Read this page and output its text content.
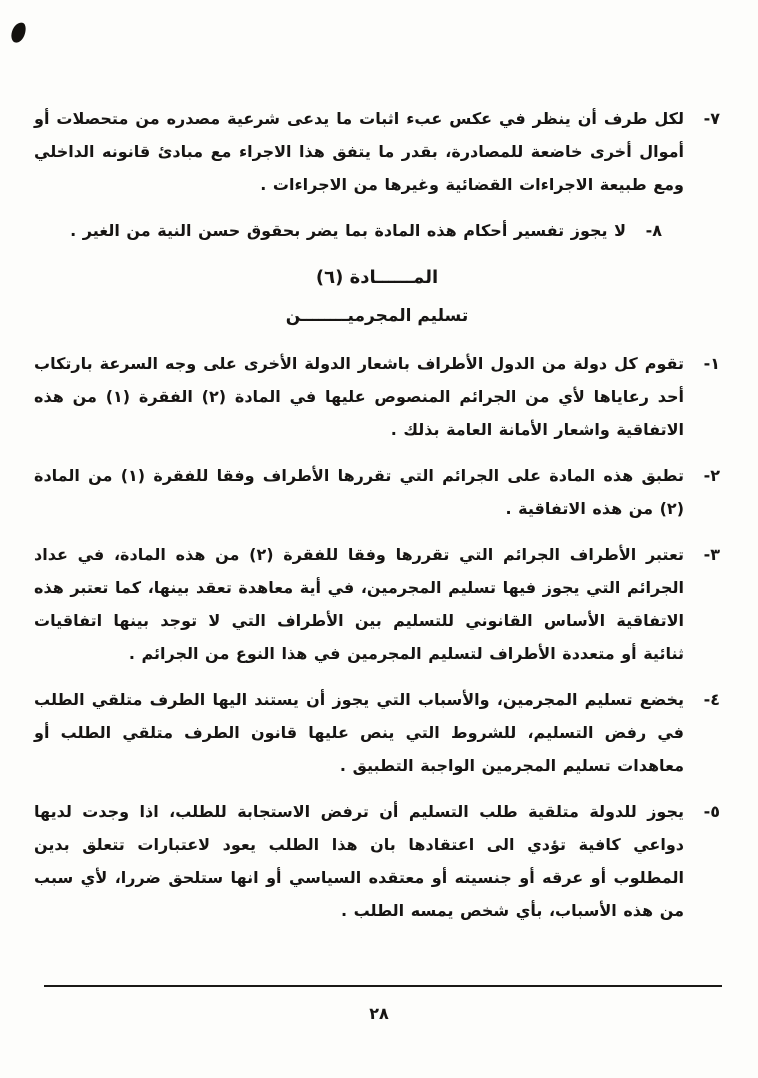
٧-
لكل طرف أن ينظر في عكس عبء اثبات ما يدعى شرعية مصدره من متحصلات أو أموال أخرى خاضعة للمصادرة، بقدر ما يتفق هذا الاجراء مع مبادئ قانونه الداخلي ومع طبيعة الاجراءات القضائية وغيرها من الاجراءات .
٨-
لا يجوز تفسير أحكام هذه المادة بما يضر بحقوق حسن النية من الغير .
المــــــادة (٦)
تسليم المجرميــــــــن
١-
تقوم كل دولة من الدول الأطراف باشعار الدولة الأخرى على وجه السرعة بارتكاب أحد رعاياها لأي من الجرائم المنصوص عليها في المادة (٢) الفقرة (١) من هذه الاتفاقية واشعار الأمانة العامة بذلك .
٢-
تطبق هذه المادة على الجرائم التي تقررها الأطراف وفقا للفقرة (١) من المادة (٢) من هذه الاتفاقية .
٣-
تعتبر الأطراف الجرائم التي تقررها وفقا للفقرة (٢) من هذه المادة، في عداد الجرائم التي يجوز فيها تسليم المجرمين، في أية معاهدة تعقد بينها، كما تعتبر هذه الاتفاقية الأساس القانوني للتسليم بين الأطراف التي لا توجد بينها اتفاقيات ثنائية أو متعددة الأطراف لتسليم المجرمين في هذا النوع من الجرائم .
٤-
يخضع تسليم المجرمين، والأسباب التي يجوز أن يستند اليها الطرف متلقي الطلب في رفض التسليم، للشروط التي ينص عليها قانون الطرف متلقي الطلب أو معاهدات تسليم المجرمين الواجبة التطبيق .
٥-
يجوز للدولة متلقية طلب التسليم أن ترفض الاستجابة للطلب، اذا وجدت لديها دواعي كافية تؤدي الى اعتقادها بان هذا الطلب يعود لاعتبارات تتعلق بدين المطلوب أو عرقه أو جنسيته أو معتقده السياسي أو انها ستلحق ضررا، لأي سبب من هذه الأسباب، بأي شخص يمسه الطلب .
٢٨
